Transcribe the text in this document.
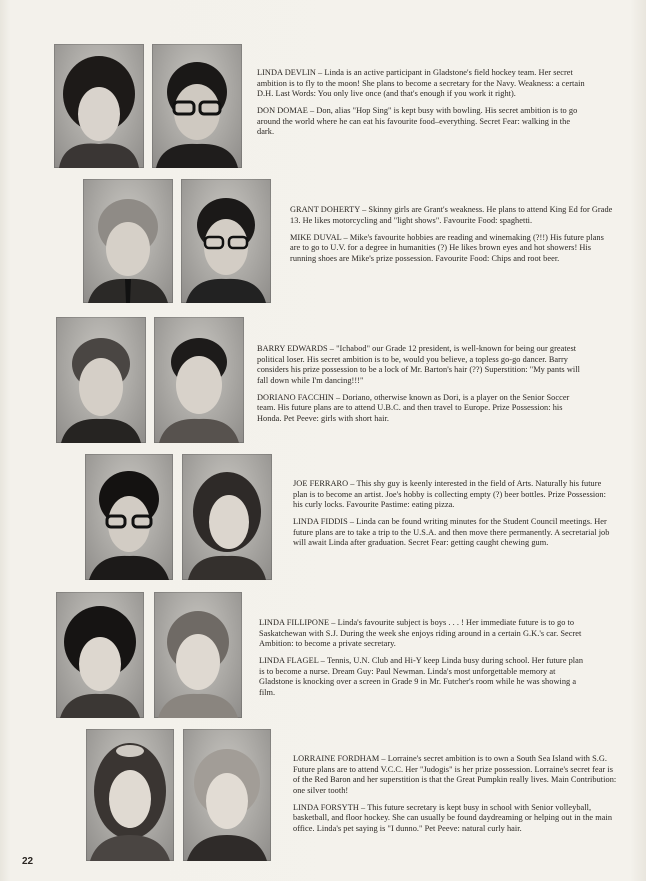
LINDA DEVLIN – Linda is an active participant in Gladstone's field hockey team. Her secret ambition is to fly to the moon! She plans to become a secretary for the Navy. Weakness: a certain D.H. Last Words: You only live once (and that's enough if you work it right).

DON DOMAE – Don, alias "Hop Sing" is kept busy with bowling. His secret ambition is to go around the world where he can eat his favourite food–everything. Secret Fear: walking in the dark.

GRANT DOHERTY – Skinny girls are Grant's weakness. He plans to attend King Ed for Grade 13. He likes motorcycling and "light shows". Favourite Food: spaghetti.

MIKE DUVAL – Mike's favourite hobbies are reading and winemaking (?!!) His future plans are to go to U.V. for a degree in humanities (?) He likes brown eyes and hot showers! His running shoes are Mike's prize possession. Favourite Food: Chips and root beer.

BARRY EDWARDS – "Ichabod" our Grade 12 president, is well-known for being our greatest political loser. His secret ambition is to be, would you believe, a topless go-go dancer. Barry considers his prize possession to be a lock of Mr. Barton's hair (??) Superstition: "My pants will fall down while I'm dancing!!!"

DORIANO FACCHIN – Doriano, otherwise known as Dori, is a player on the Senior Soccer team. His future plans are to attend U.B.C. and then travel to Europe. Prize Possession: his Honda. Pet Peeve: girls with short hair.

JOE FERRARO – This shy guy is keenly interested in the field of Arts. Naturally his future plan is to become an artist. Joe's hobby is collecting empty (?) beer bottles. Prize Possession: his curly locks. Favourite Pastime: eating pizza.

LINDA FIDDIS – Linda can be found writing minutes for the Student Council meetings. Her future plans are to take a trip to the U.S.A. and then move there permanently. A secretarial job will await Linda after graduation. Secret Fear: getting caught chewing gum.

LINDA FILLIPONE – Linda's favourite subject is boys . . . ! Her immediate future is to go to Saskatchewan with S.J. During the week she enjoys riding around in a certain G.K.'s car. Secret Ambition: to become a private secretary.

LINDA FLAGEL – Tennis, U.N. Club and Hi-Y keep Linda busy during school. Her future plan is to become a nurse. Dream Guy: Paul Newman. Linda's most unforgettable memory at Gladstone is knocking over a screen in Grade 9 in Mr. Futcher's room while he was showing a film.

LORRAINE FORDHAM – Lorraine's secret ambition is to own a South Sea Island with S.G. Future plans are to attend V.C.C. Her "Judogis" is her prize possession. Lorraine's secret fear is of the Red Baron and her superstition is that the Great Pumpkin really lives. Main Contribution: one silver tooth!

LINDA FORSYTH – This future secretary is kept busy in school with Senior volleyball, basketball, and floor hockey. She can usually be found daydreaming or helping out in the main office. Linda's pet saying is "I dunno." Pet Peeve: natural curly hair.

22
